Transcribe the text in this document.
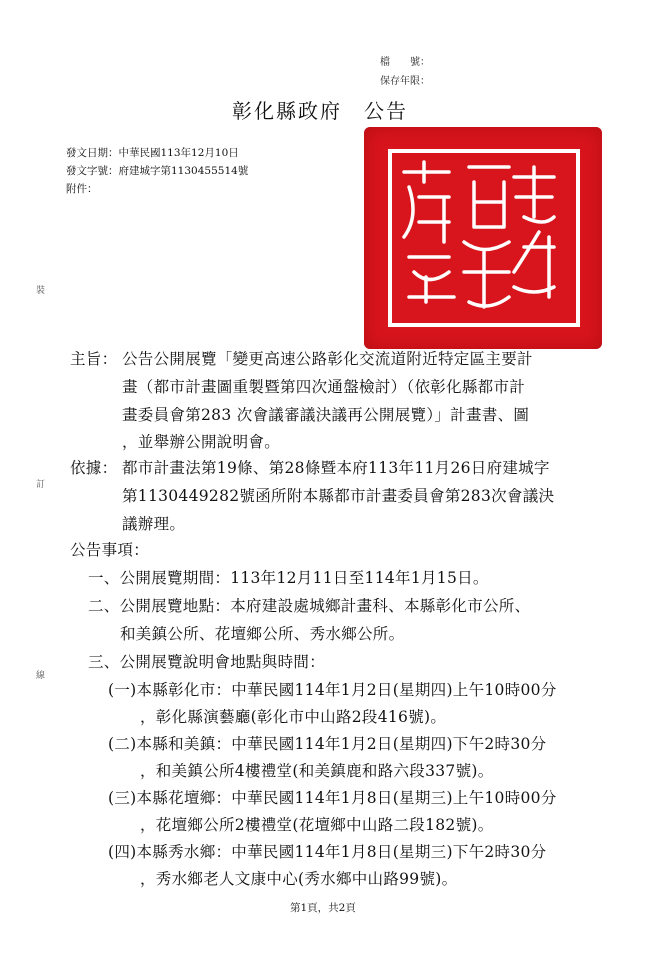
檔　　號：
保存年限：
彰化縣政府　公告
發文日期：中華民國113年12月10日
發文字號：府建城字第1130455514號
附件：
裝
訂
線
主旨： 公告公開展覽「變更高速公路彰化交流道附近特定區主要計
畫（都市計畫圖重製暨第四次通盤檢討）（依彰化縣都市計
畫委員會第283 次會議審議決議再公開展覽）」計畫書、圖
，並舉辦公開說明會。
依據： 都市計畫法第19條、第28條暨本府113年11月26日府建城字
第1130449282號函所附本縣都市計畫委員會第283次會議決
議辦理。
公告事項：
一、公開展覽期間：113年12月11日至114年1月15日。
二、公開展覽地點：本府建設處城鄉計畫科、本縣彰化市公所、
和美鎮公所、花壇鄉公所、秀水鄉公所。
三、公開展覽說明會地點與時間：
(一)本縣彰化市：中華民國114年1月2日(星期四)上午10時00分
，彰化縣演藝廳(彰化市中山路2段416號)。
(二)本縣和美鎮：中華民國114年1月2日(星期四)下午2時30分
，和美鎮公所4樓禮堂(和美鎮鹿和路六段337號)。
(三)本縣花壇鄉：中華民國114年1月8日(星期三)上午10時00分
，花壇鄉公所2樓禮堂(花壇鄉中山路二段182號)。
(四)本縣秀水鄉：中華民國114年1月8日(星期三)下午2時30分
，秀水鄉老人文康中心(秀水鄉中山路99號)。
第1頁，共2頁
